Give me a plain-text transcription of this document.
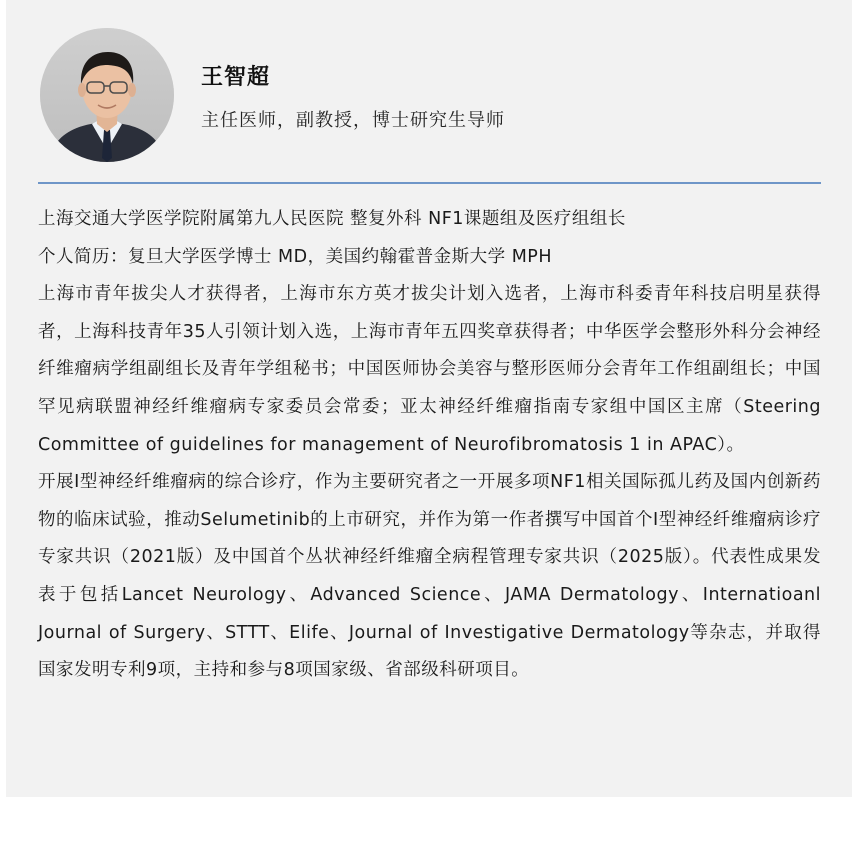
王智超
主任医师，副教授，博士研究生导师

上海交通大学医学院附属第九人民医院 整复外科 NF1课题组及医疗组组长

个人简历：复旦大学医学博士 MD，美国约翰霍普金斯大学 MPH

上海市青年拔尖人才获得者，上海市东方英才拔尖计划入选者，上海市科委青年科技启明星获得者，上海科技青年35人引领计划入选，上海市青年五四奖章获得者；中华医学会整形外科分会神经纤维瘤病学组副组长及青年学组秘书；中国医师协会美容与整形医师分会青年工作组副组长；中国罕见病联盟神经纤维瘤病专家委员会常委；亚太神经纤维瘤指南专家组中国区主席（Steering Committee of guidelines for management of Neurofibromatosis 1 in APAC）。

开展I型神经纤维瘤病的综合诊疗，作为主要研究者之一开展多项NF1相关国际孤儿药及国内创新药物的临床试验，推动Selumetinib的上市研究，并作为第一作者撰写中国首个I型神经纤维瘤病诊疗专家共识（2021版）及中国首个丛状神经纤维瘤全病程管理专家共识（2025版）。代表性成果发表于包括Lancet Neurology、Advanced Science、JAMA Dermatology、Internatioanl Journal of Surgery、STTT、Elife、Journal of Investigative Dermatology等杂志，并取得国家发明专利9项，主持和参与8项国家级、省部级科研项目。
